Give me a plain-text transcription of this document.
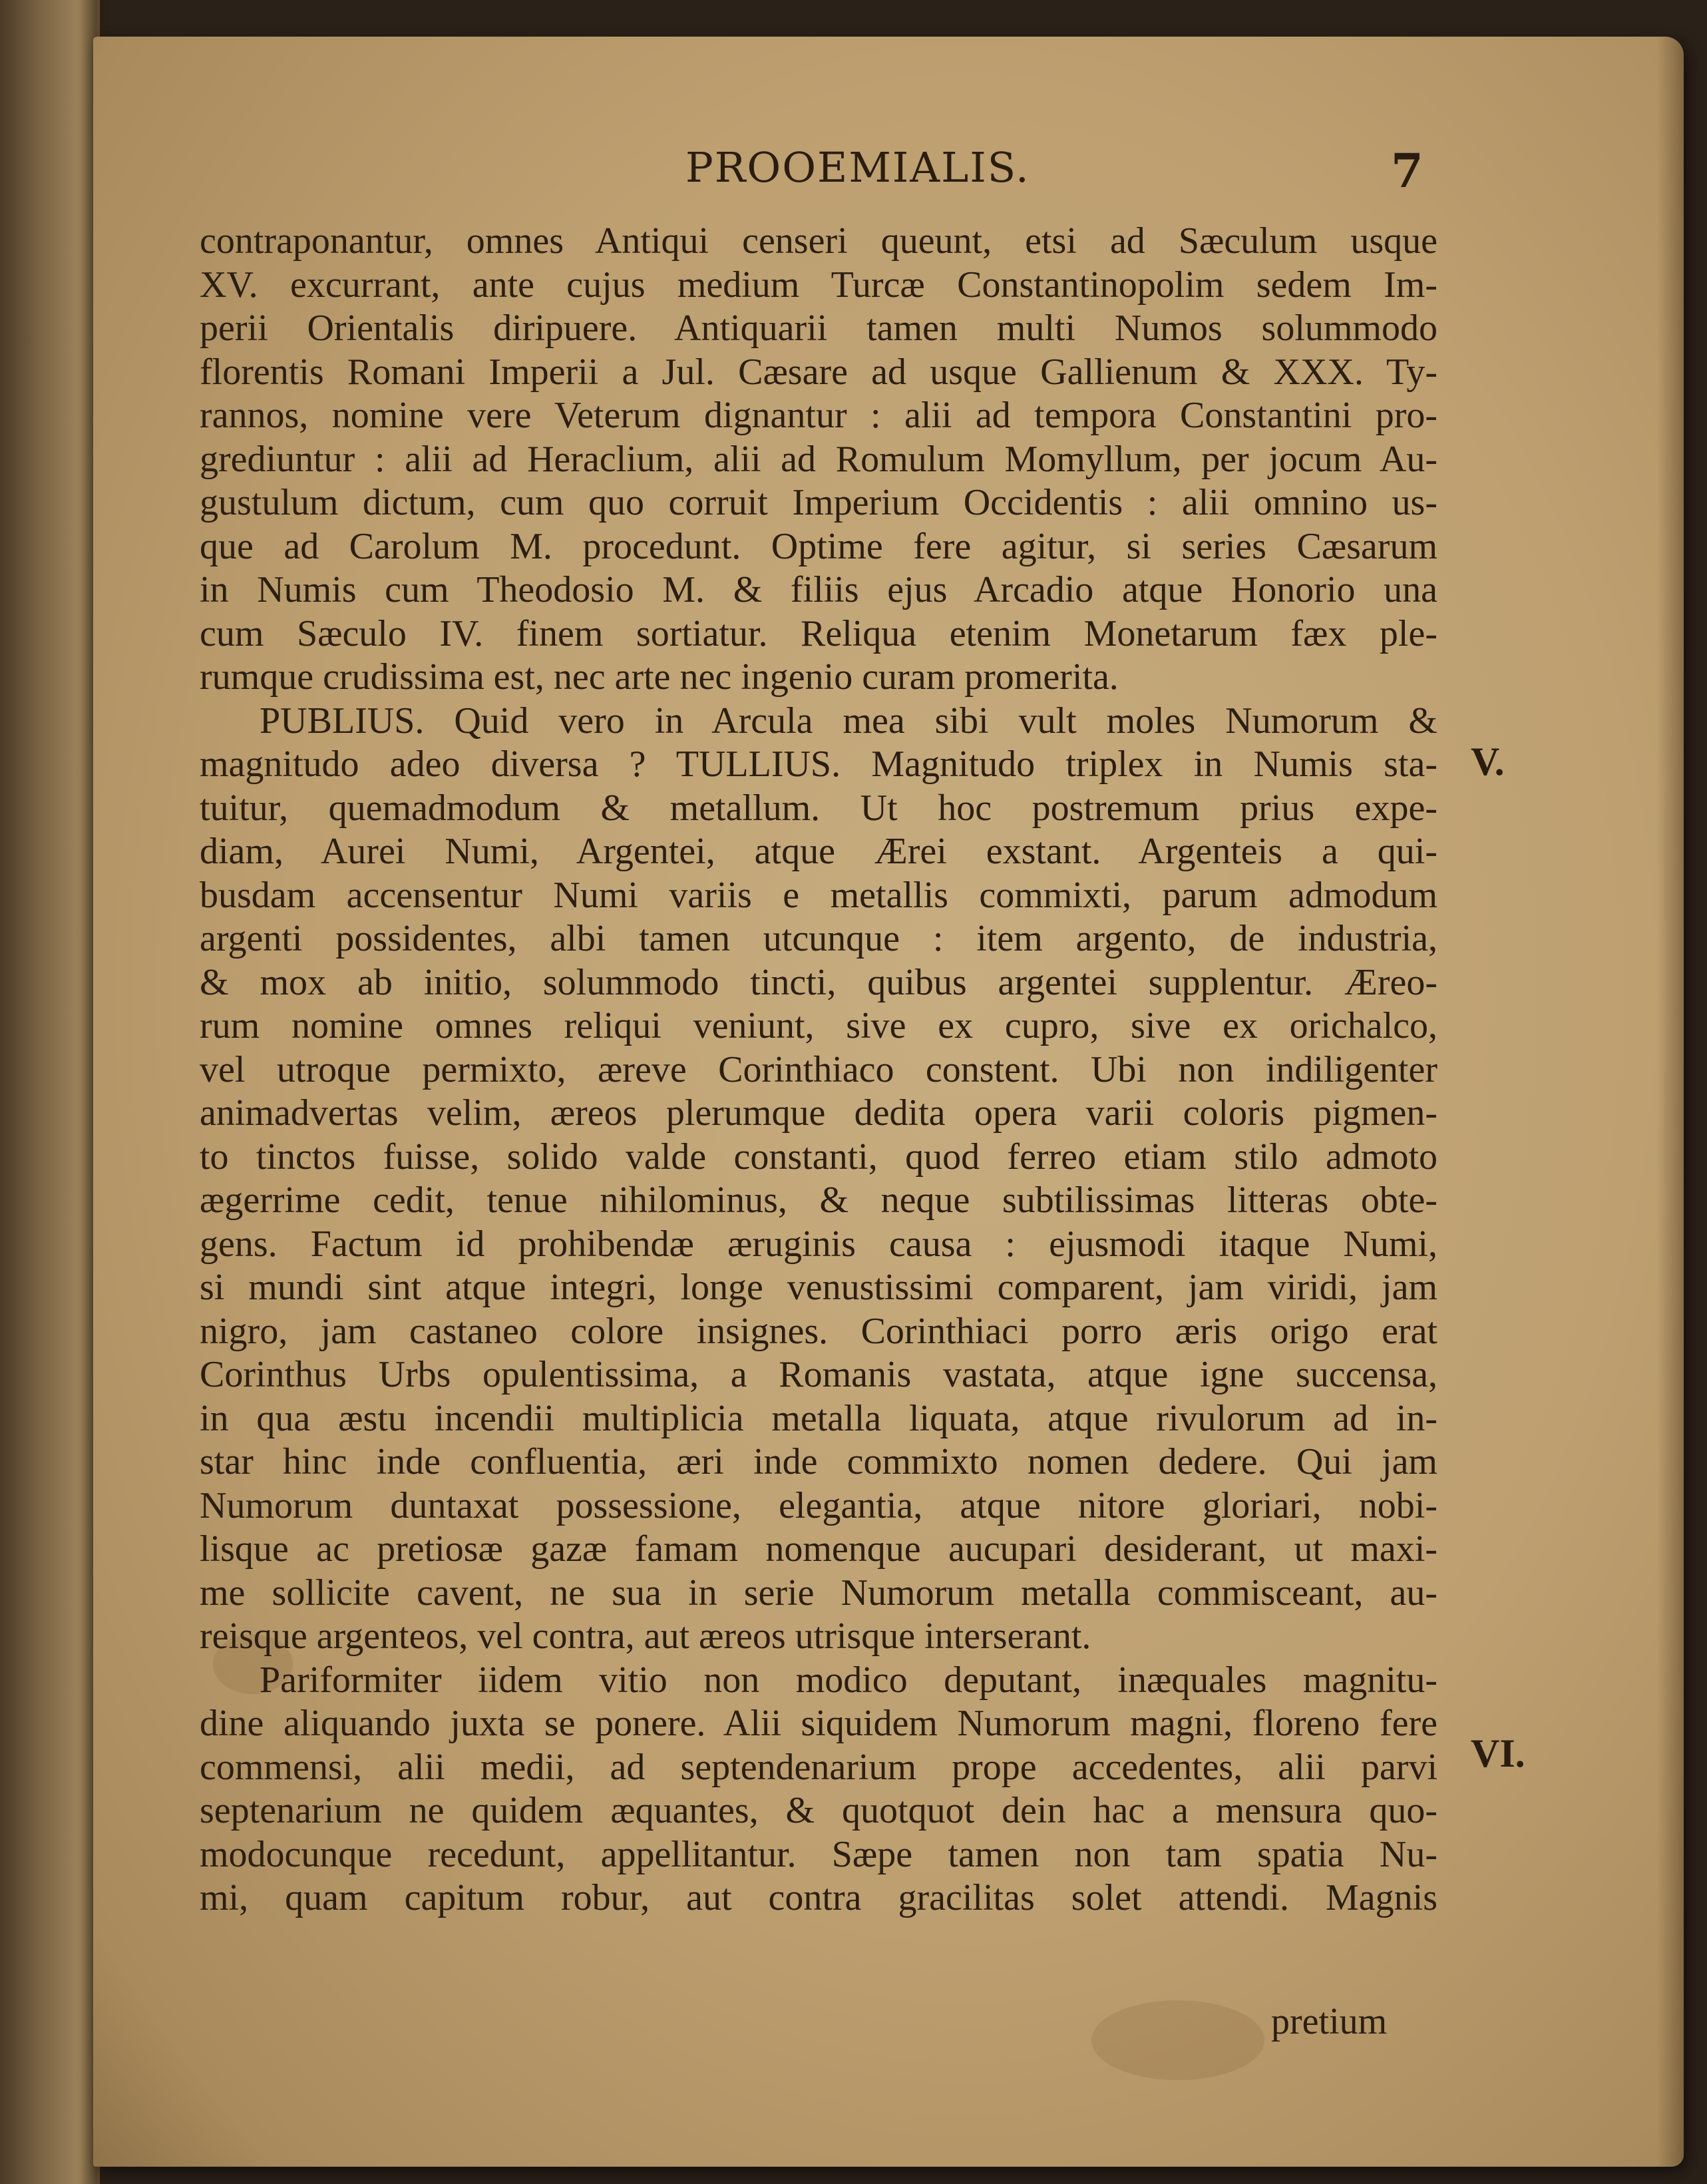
PROOEMIALIS.	7
contraponantur, omnes Antiqui censeri queunt, etsi ad Sæculum usque
XV. excurrant, ante cujus medium Turcæ Constantinopolim sedem Im-
perii Orientalis diripuere. Antiquarii tamen multi Numos solummodo
florentis Romani Imperii a Jul. Cæsare ad usque Gallienum & XXX. Ty-
rannos, nomine vere Veterum dignantur : alii ad tempora Constantini pro-
grediuntur : alii ad Heraclium, alii ad Romulum Momyllum, per jocum Au-
gustulum dictum, cum quo corruit Imperium Occidentis : alii omnino us-
que ad Carolum M. procedunt. Optime fere agitur, si series Cæsarum
in Numis cum Theodosio M. & filiis ejus Arcadio atque Honorio una
cum Sæculo IV. finem sortiatur. Reliqua etenim Monetarum fæx ple-
rumque crudissima est, nec arte nec ingenio curam promerita.
PUBLIUS. Quid vero in Arcula mea sibi vult moles Numorum &
magnitudo adeo diversa ? TULLIUS. Magnitudo triplex in Numis sta-
tuitur, quemadmodum & metallum. Ut hoc postremum prius expe-
diam, Aurei Numi, Argentei, atque Ærei exstant. Argenteis a qui-
busdam accensentur Numi variis e metallis commixti, parum admodum
argenti possidentes, albi tamen utcunque : item argento, de industria,
& mox ab initio, solummodo tincti, quibus argentei supplentur. Æreo-
rum nomine omnes reliqui veniunt, sive ex cupro, sive ex orichalco,
vel utroque permixto, æreve Corinthiaco constent. Ubi non indiligenter
animadvertas velim, æreos plerumque dedita opera varii coloris pigmen-
to tinctos fuisse, solido valde constanti, quod ferreo etiam stilo admoto
ægerrime cedit, tenue nihilominus, & neque subtilissimas litteras obte-
gens. Factum id prohibendæ æruginis causa : ejusmodi itaque Numi,
si mundi sint atque integri, longe venustissimi comparent, jam viridi, jam
nigro, jam castaneo colore insignes. Corinthiaci porro æris origo erat
Corinthus Urbs opulentissima, a Romanis vastata, atque igne succensa,
in qua æstu incendii multiplicia metalla liquata, atque rivulorum ad in-
star hinc inde confluentia, æri inde commixto nomen dedere. Qui jam
Numorum duntaxat possessione, elegantia, atque nitore gloriari, nobi-
lisque ac pretiosæ gazæ famam nomenque aucupari desiderant, ut maxi-
me sollicite cavent, ne sua in serie Numorum metalla commisceant, au-
reisque argenteos, vel contra, aut æreos utrisque interserant.
Pariformiter iidem vitio non modico deputant, inæquales magnitu-
dine aliquando juxta se ponere. Alii siquidem Numorum magni, floreno fere
commensi, alii medii, ad septendenarium prope accedentes, alii parvi
septenarium ne quidem æquantes, & quotquot dein hac a mensura quo-
modocunque recedunt, appellitantur. Sæpe tamen non tam spatia Nu-
mi, quam capitum robur, aut contra gracilitas solet attendi. Magnis
V.
VI.
pretium
